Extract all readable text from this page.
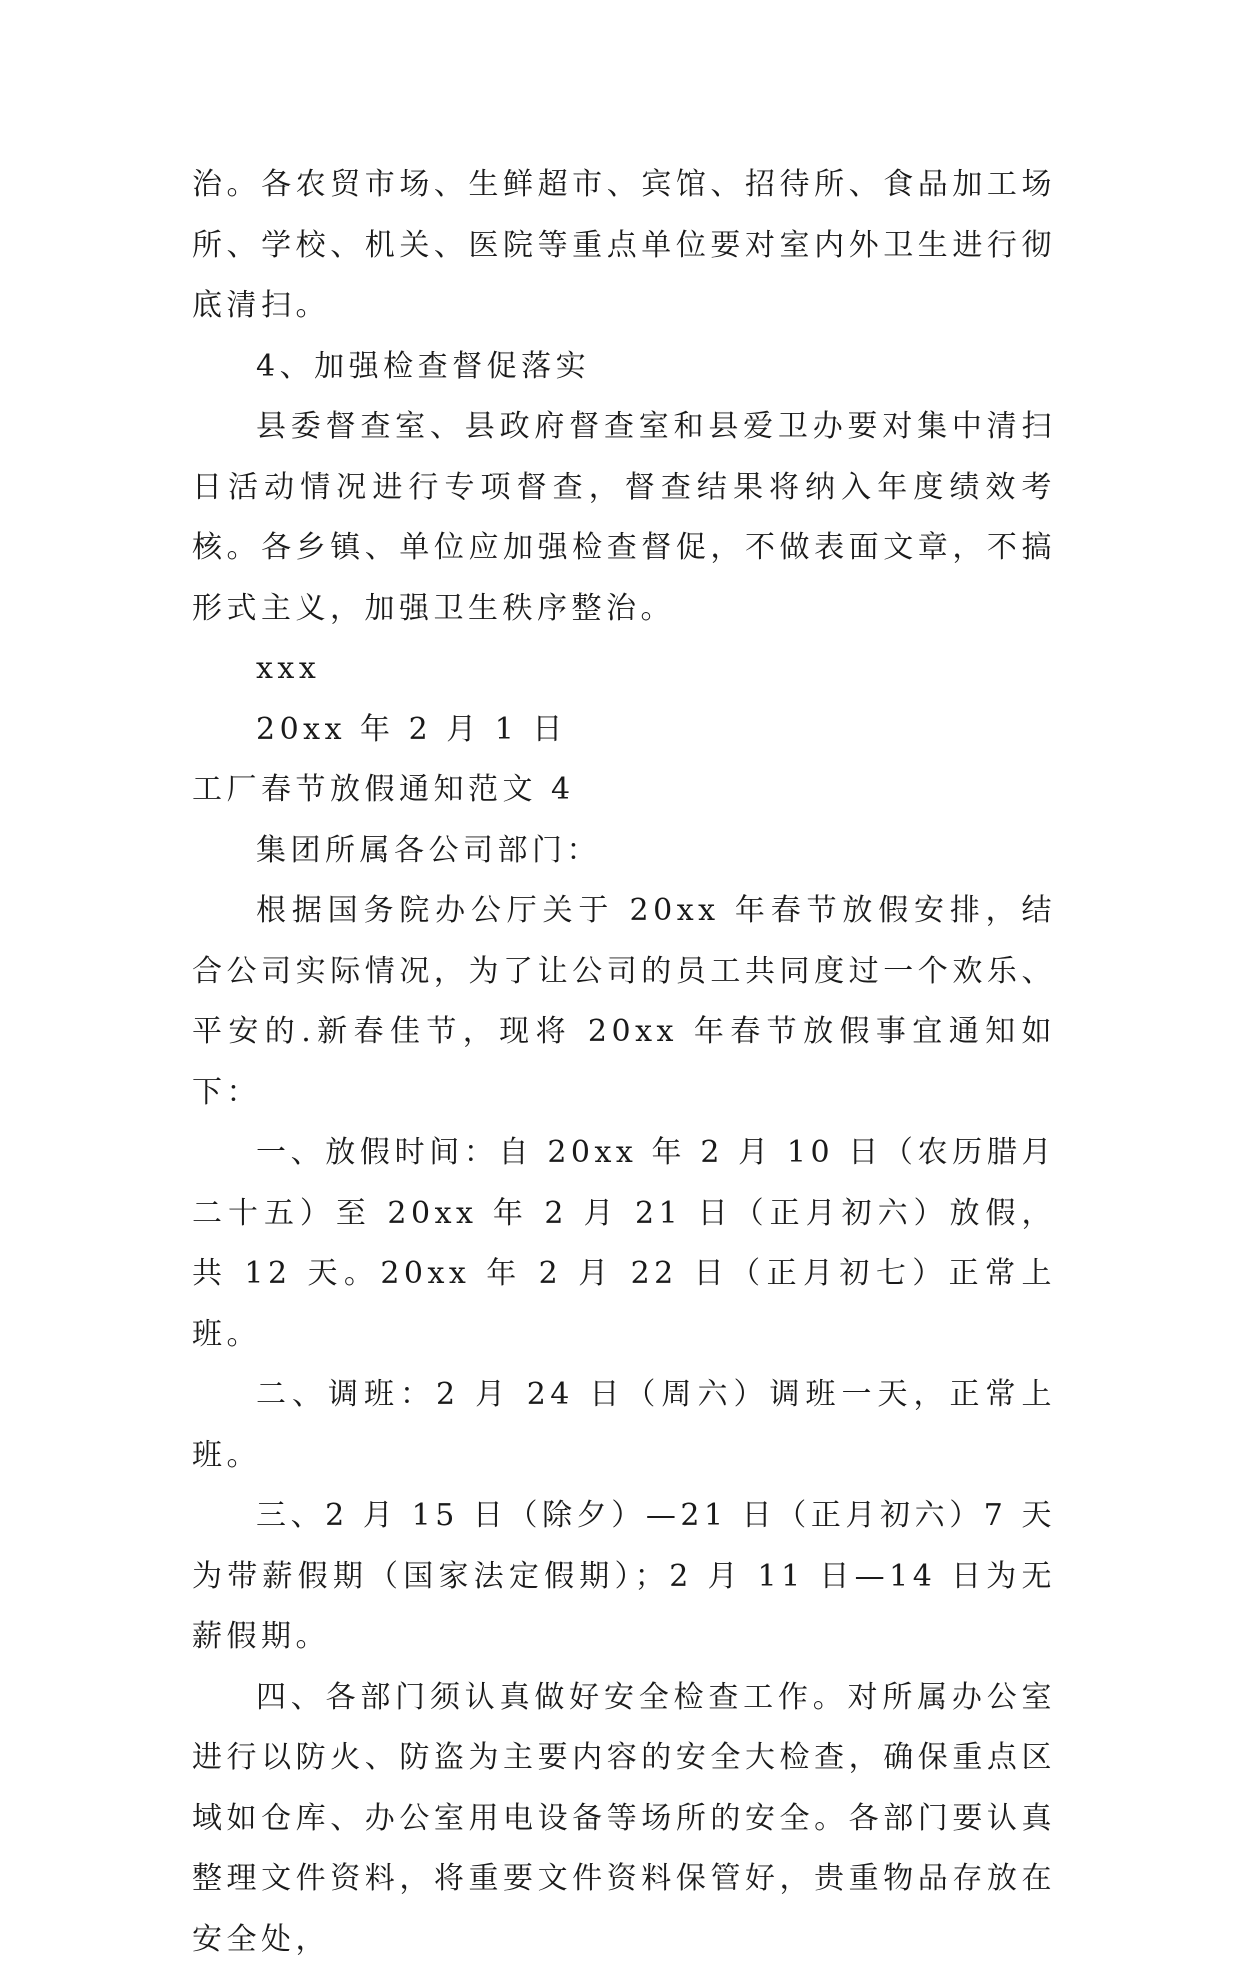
治。各农贸市场、生鲜超市、宾馆、招待所、食品加工场所、学校、机关、医院等重点单位要对室内外卫生进行彻底清扫。

4、加强检查督促落实

县委督查室、县政府督查室和县爱卫办要对集中清扫日活动情况进行专项督查，督查结果将纳入年度绩效考核。各乡镇、单位应加强检查督促，不做表面文章，不搞形式主义，加强卫生秩序整治。

xxx

20xx 年 2 月 1 日

工厂春节放假通知范文 4

集团所属各公司部门：

根据国务院办公厅关于 20xx 年春节放假安排，结合公司实际情况，为了让公司的员工共同度过一个欢乐、平安的.新春佳节，现将 20xx 年春节放假事宜通知如下：

一、放假时间：自 20xx 年 2 月 10 日（农历腊月二十五）至 20xx 年 2 月 21 日（正月初六）放假，共 12 天。20xx 年 2 月 22 日（正月初七）正常上班。

二、调班：2 月 24 日（周六）调班一天，正常上班。

三、2 月 15 日（除夕）—21 日（正月初六）7 天为带薪假期（国家法定假期）；2 月 11 日—14 日为无薪假期。

四、各部门须认真做好安全检查工作。对所属办公室进行以防火、防盗为主要内容的安全大检查，确保重点区域如仓库、办公室用电设备等场所的安全。各部门要认真整理文件资料，将重要文件资料保管好，贵重物品存放在安全处，
